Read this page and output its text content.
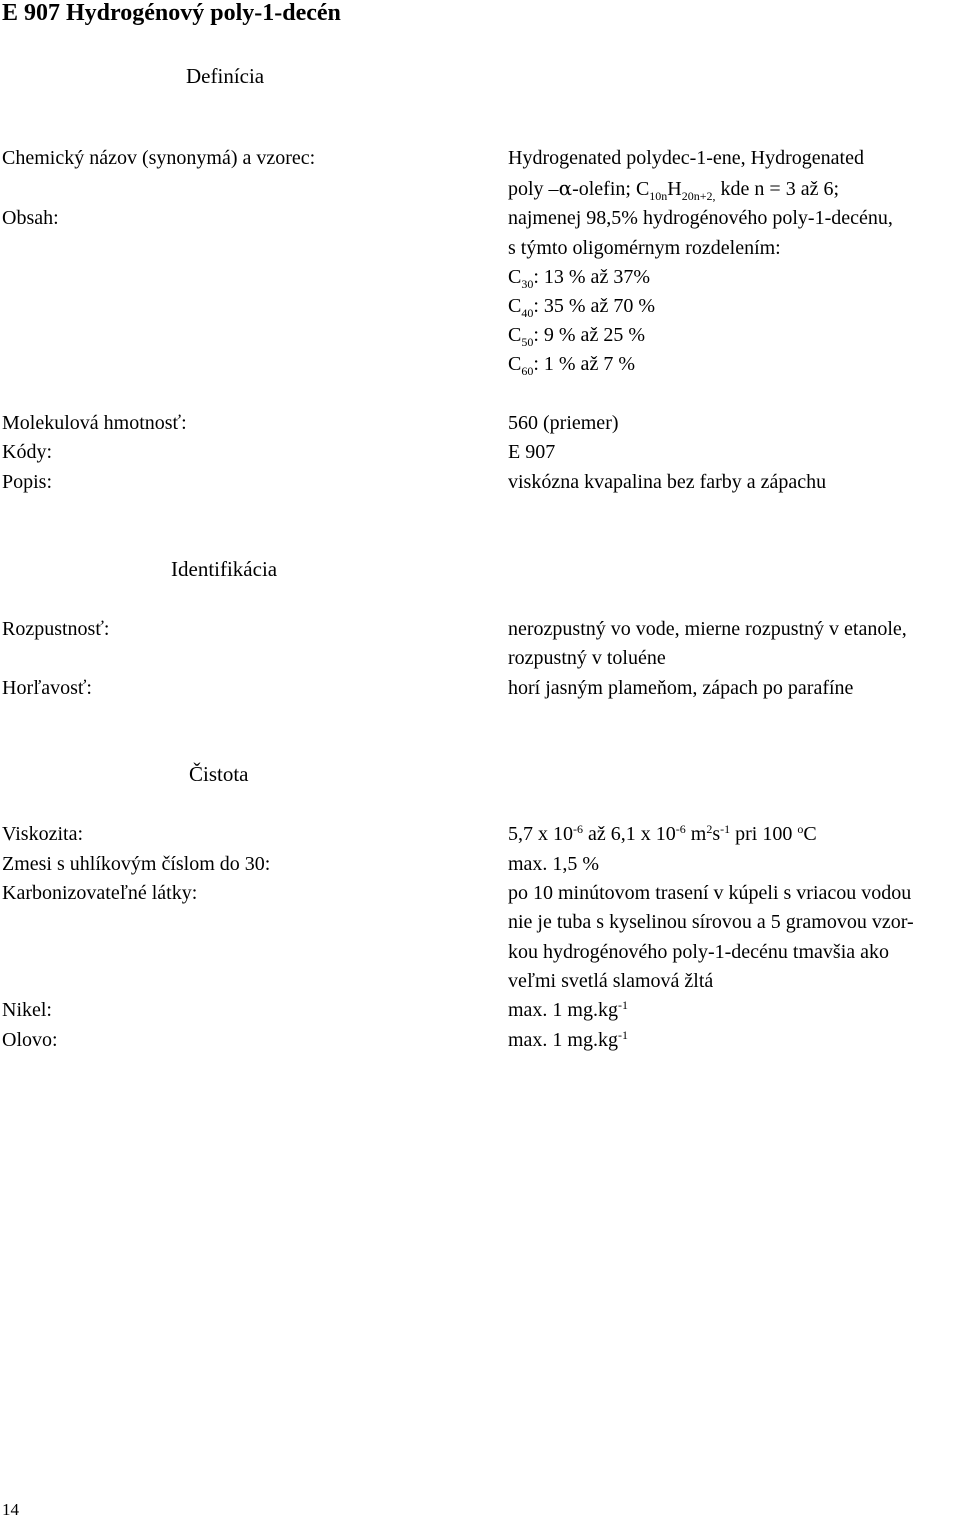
E 907 Hydrogénový poly-1-decén
Definícia
Chemický názov (synonymá) a vzorec:	Hydrogenated polydec-1-ene, Hydrogenated
poly –α-olefin; $C_{10n}H_{20n+2,}$ kde n = 3 až 6;
Obsah:	najmenej 98,5% hydrogénového poly-1-decénu,
s týmto oligomérnym rozdelením:
$C_{30}$: 13 % až 37%
$C_{40}$: 35 % až 70 %
$C_{50}$: 9 % až 25 %
$C_{60}$: 1 % až 7 %
Molekulová hmotnosť:	560 (priemer)
Kódy:	E 907
Popis:	viskózna kvapalina bez farby a zápachu
Identifikácia
Rozpustnosť:	nerozpustný vo vode, mierne rozpustný v etanole,
rozpustný v toluéne
Horľavosť:	horí jasným plameňom, zápach po parafíne
Čistota
Viskozita:	5,7 x $10^{-6}$ až 6,1 x $10^{-6}$ $m^2s^{-1}$ pri 100 $^o$C
Zmesi s uhlíkovým číslom do 30:	max. 1,5 %
Karbonizovateľné látky:	po 10 minútovom trasení v kúpeli s vriacou vodou
nie je tuba s kyselinou sírovou a 5 gramovou vzor-
kou hydrogénového poly-1-decénu tmavšia ako
veľmi svetlá slamová žltá
Nikel:	max. 1 $mg.kg^{-1}$
Olovo:	max. 1 $mg.kg^{-1}$
14
